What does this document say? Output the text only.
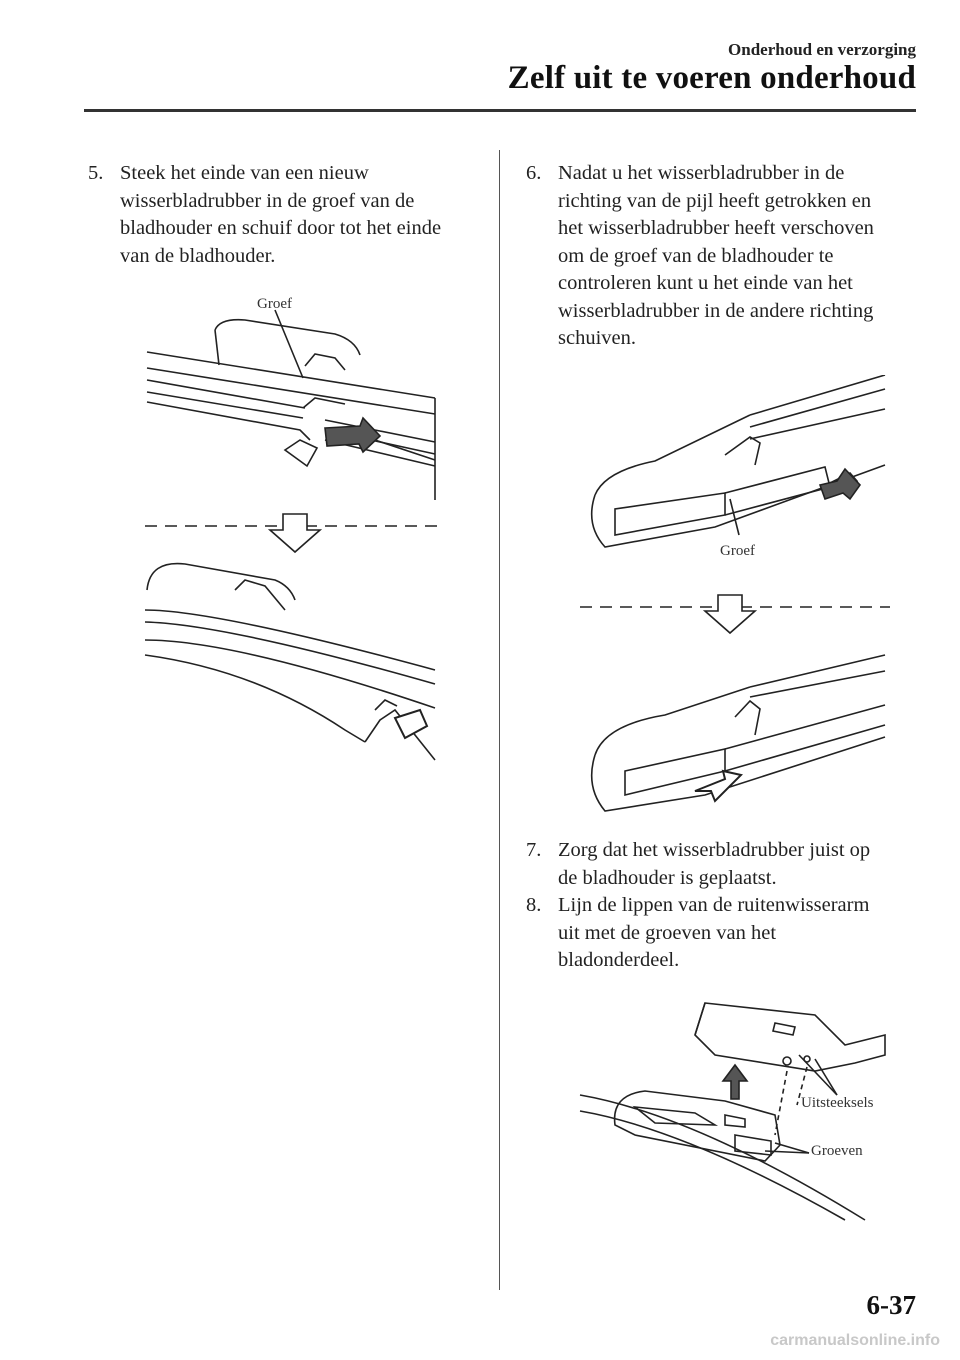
Onderhoud en verzorging
Zelf uit te voeren onderhoud
5. Steek het einde van een nieuw
wisserbladrubber in de groef van de
bladhouder en schuif door tot het einde
van de bladhouder.
Groef
6. Nadat u het wisserbladrubber in de
richting van de pijl heeft getrokken en
het wisserbladrubber heeft verschoven
om de groef van de bladhouder te
controleren kunt u het einde van het
wisserbladrubber in de andere richting
schuiven.
Groef
7. Zorg dat het wisserbladrubber juist op
de bladhouder is geplaatst.
8. Lijn de lippen van de ruitenwisserarm
uit met de groeven van het
bladonderdeel.
Uitsteeksels
Groeven
6-37
carmanualsonline.info
